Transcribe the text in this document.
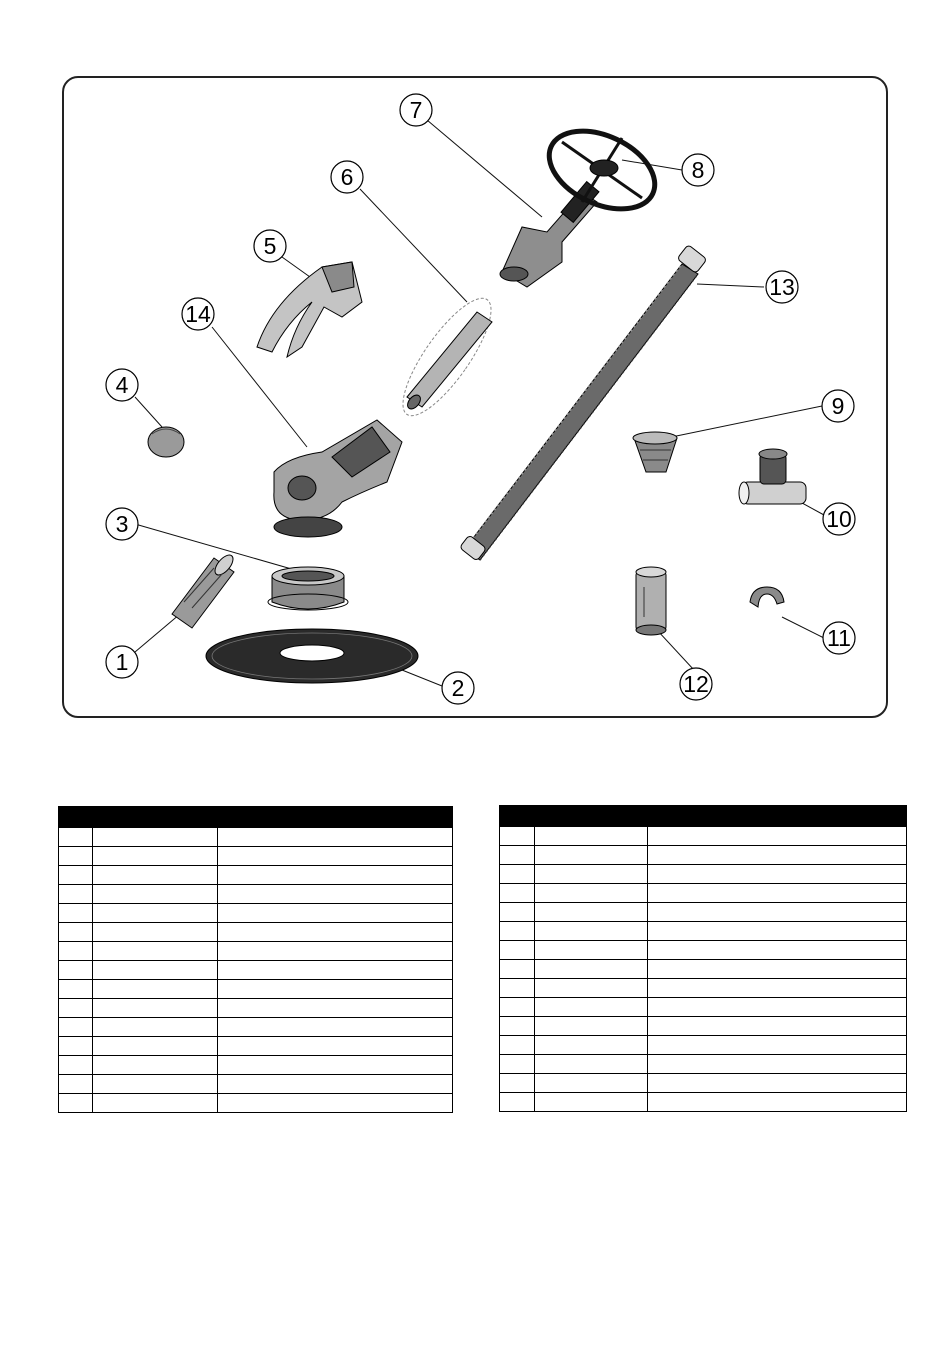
1
2
3
4
5
6
7
8
9
10
11
12
13
14
